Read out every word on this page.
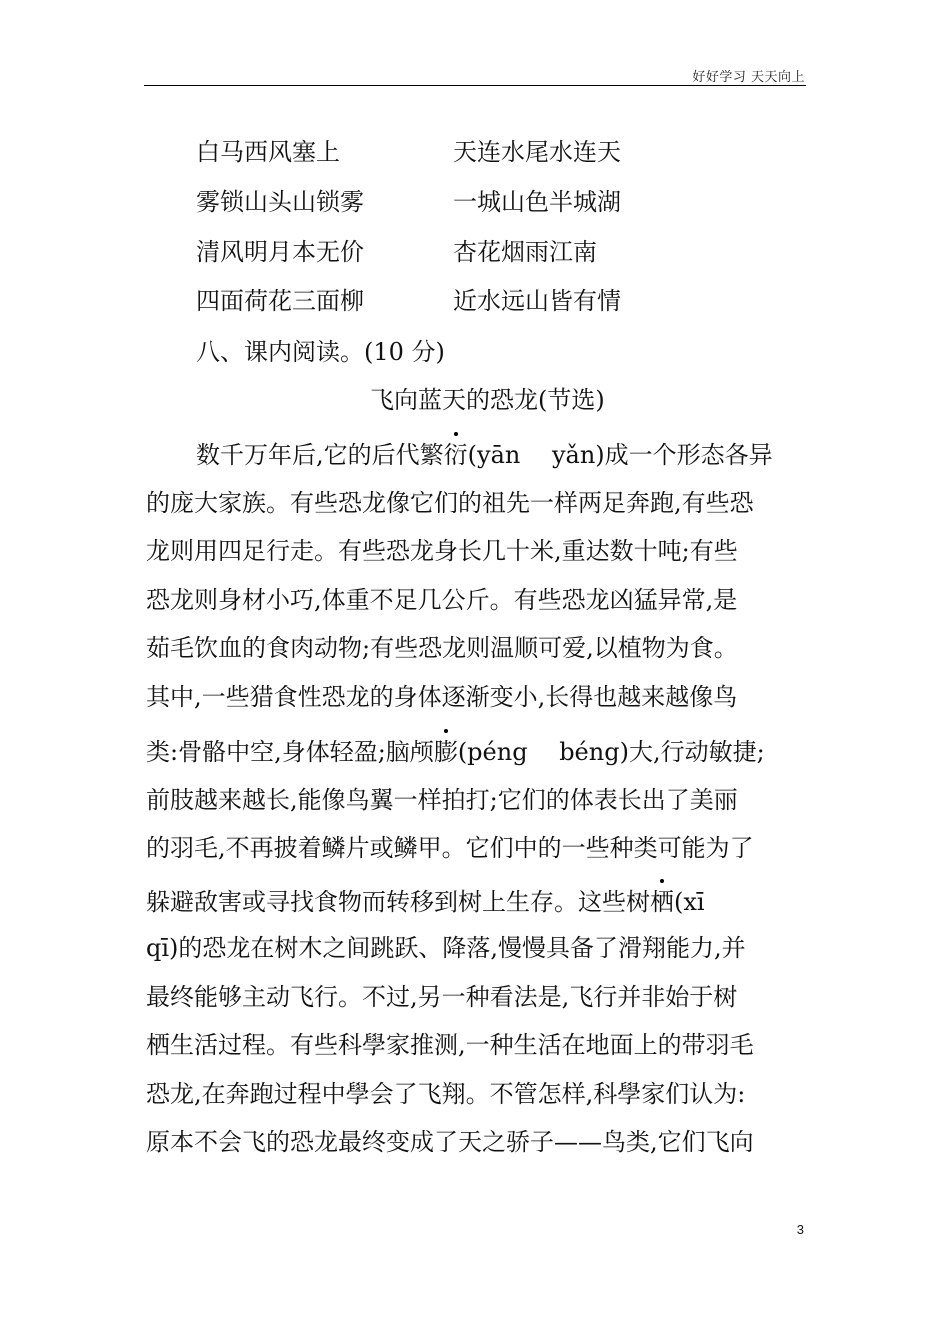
好好学习 天天向上
白马西风塞上	天连水尾水连天
雾锁山头山锁雾	一城山色半城湖
清风明月本无价	杏花烟雨江南
四面荷花三面柳	近水远山皆有情
八、课内阅读。(10 分)
飞向蓝天的恐龙(节选)
数千万年后,它的后代繁衍(yān　 yǎn)成一个形态各异
的庞大家族。有些恐龙像它们的祖先一样两足奔跑,有些恐
龙则用四足行走。有些恐龙身长几十米,重达数十吨;有些
恐龙则身材小巧,体重不足几公斤。有些恐龙凶猛异常,是
茹毛饮血的食肉动物;有些恐龙则温顺可爱,以植物为食。
其中,一些猎食性恐龙的身体逐渐变小,长得也越来越像鸟
类:骨骼中空,身体轻盈;脑颅膨(péng　 béng)大,行动敏捷;
前肢越来越长,能像鸟翼一样拍打;它们的体表长出了美丽
的羽毛,不再披着鳞片或鳞甲。它们中的一些种类可能为了
躲避敌害或寻找食物而转移到树上生存。这些树栖(xī
qī)的恐龙在树木之间跳跃、降落,慢慢具备了滑翔能力,并
最终能够主动飞行。不过,另一种看法是,飞行并非始于树
栖生活过程。有些科學家推测,一种生活在地面上的带羽毛
恐龙,在奔跑过程中學会了飞翔。不管怎样,科學家们认为:
原本不会飞的恐龙最终变成了天之骄子——鸟类,它们飞向
3
